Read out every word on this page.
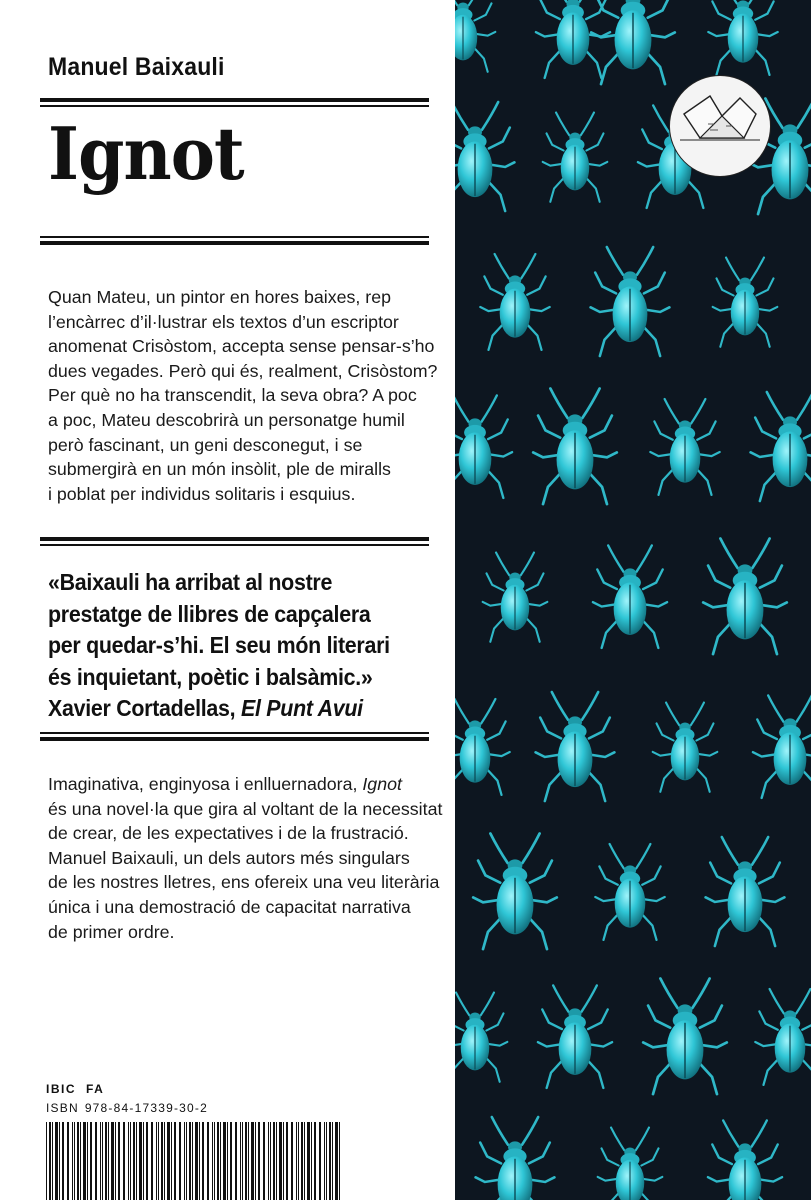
Manuel Baixauli
Ignot
Quan Mateu, un pintor en hores baixes, rep
l’encàrrec d’il·lustrar els textos d’un escriptor
anomenat Crisòstom, accepta sense pensar-s’ho
dues vegades. Però qui és, realment, Crisòstom?
Per què no ha transcendit, la seva obra? A poc
a poc, Mateu descobrirà un personatge humil
però fascinant, un geni desconegut, i se
submergirà en un món insòlit, ple de miralls
i poblat per individus solitaris i esquius.
«Baixauli ha arribat al nostre
prestatge de llibres de capçalera
per quedar-s’hi. El seu món literari
és inquietant, poètic i balsàmic.»
Xavier Cortadellas, El Punt Avui
Imaginativa, enginyosa i enlluernadora, Ignot
és una novel·la que gira al voltant de la necessitat
de crear, de les expectatives i de la frustració.
Manuel Baixauli, un dels autors més singulars
de les nostres lletres, ens ofereix una veu literària
única i una demostració de capacitat narrativa
de primer ordre.
IBIC FA
ISBN 978-84-17339-30-2
